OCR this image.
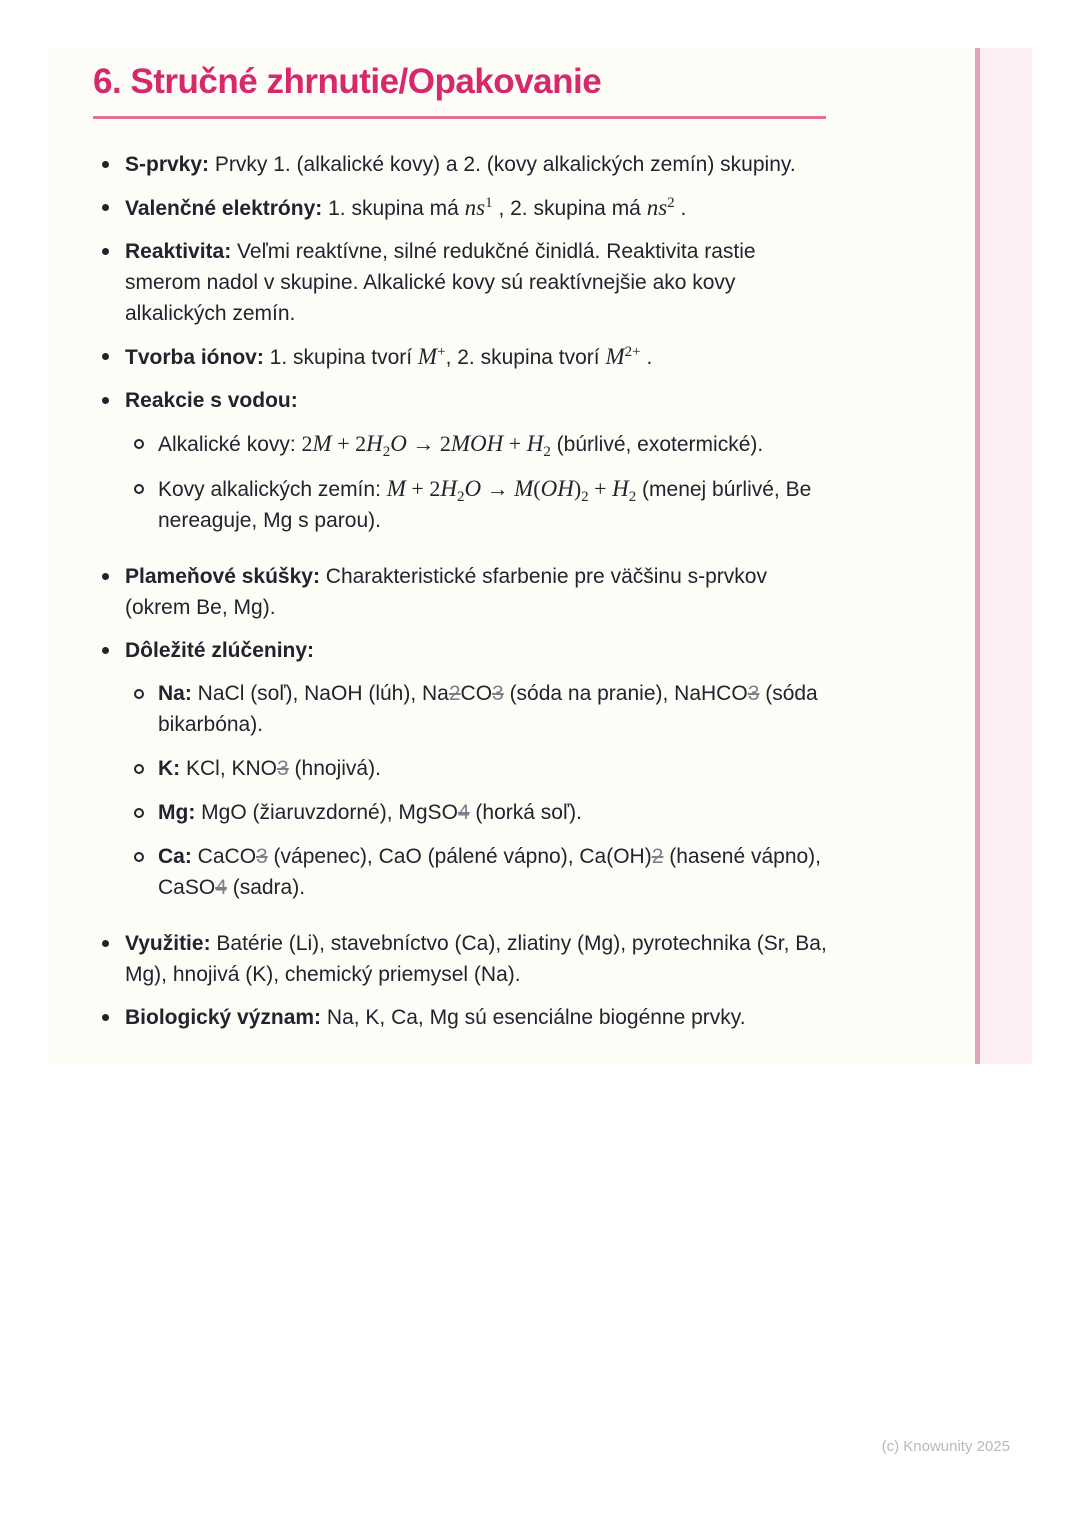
6. Stručné zhrnutie/Opakovanie
S-prvky: Prvky 1. (alkalické kovy) a 2. (kovy alkalických zemín) skupiny.
Valenčné elektróny: 1. skupina má $ns^1$ , 2. skupina má $ns^2$ .
Reaktivita: Veľmi reaktívne, silné redukčné činidlá. Reaktivita rastie
smerom nadol v skupine. Alkalické kovy sú reaktívnejšie ako kovy
alkalických zemín.
Tvorba iónov: 1. skupina tvorí M+, 2. skupina tvorí $M^{2+}$ .
Reakcie s vodou:
Alkalické kovy: $2M + 2H_2O \to 2MOH + H_2$ (búrlivé, exotermické).
Kovy alkalických zemín: $M + 2H_2O \to M(OH)_2 + H_2$ (menej búrlivé, Be
nereaguje, Mg s parou).
Plameňové skúšky: Charakteristické sfarbenie pre väčšinu s-prvkov
(okrem Be, Mg).
Dôležité zlúčeniny:
Na: NaCl (soľ), NaOH (lúh), Na2CO3 (sóda na pranie), NaHCO3 (sóda
bikarbóna).
K: KCl, KNO3 (hnojivá).
Mg: MgO (žiaruvzdorné), MgSO4 (horká soľ).
Ca: CaCO3 (vápenec), CaO (pálené vápno), Ca(OH)2 (hasené vápno),
CaSO4 (sadra).
Využitie: Batérie (Li), stavebníctvo (Ca), zliatiny (Mg), pyrotechnika (Sr, Ba,
Mg), hnojivá (K), chemický priemysel (Na).
Biologický význam: Na, K, Ca, Mg sú esenciálne biogénne prvky.
(c) Knowunity 2025
